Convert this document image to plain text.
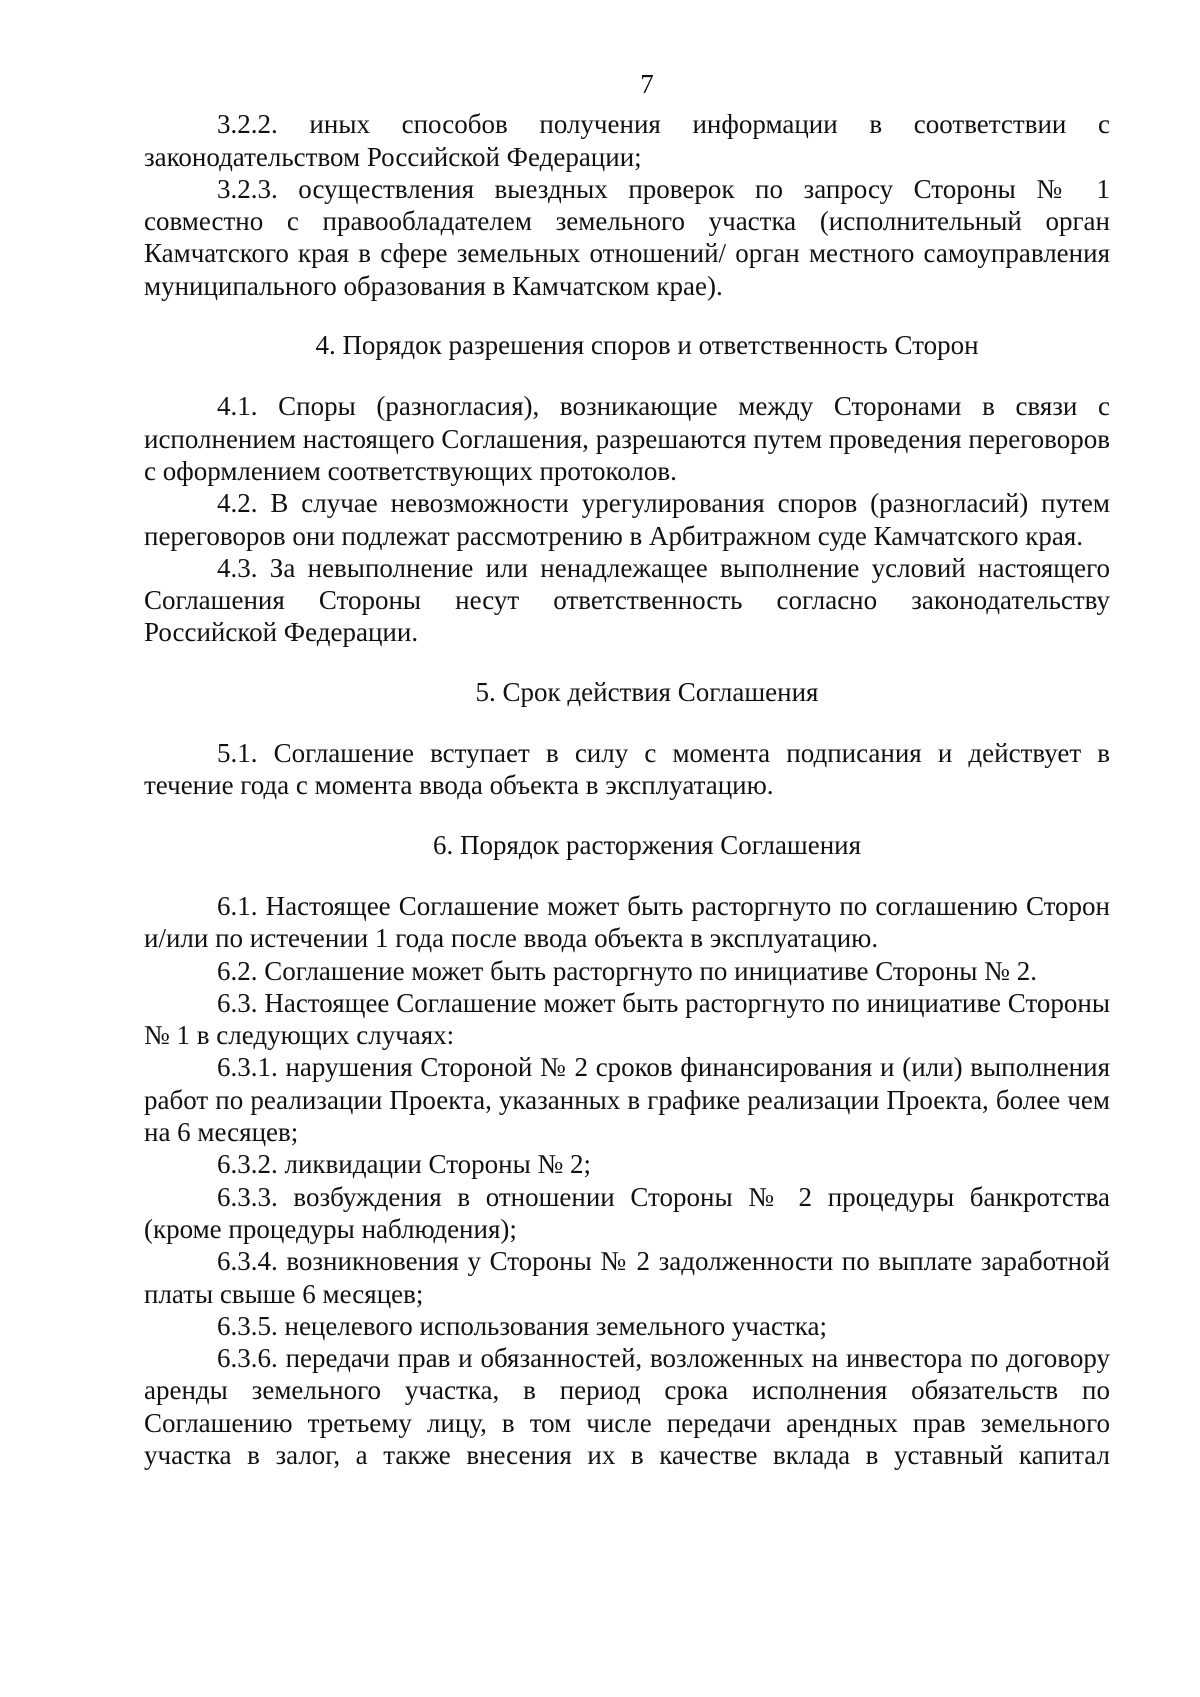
7

3.2.2. иных способов получения информации в соответствии с законодательством Российской Федерации;

3.2.3. осуществления выездных проверок по запросу Стороны № 1 совместно с правообладателем земельного участка (исполнительный орган Камчатского края в сфере земельных отношений/ орган местного самоуправления муниципального образования в Камчатском крае).

4. Порядок разрешения споров и ответственность Сторон

4.1. Споры (разногласия), возникающие между Сторонами в связи с исполнением настоящего Соглашения, разрешаются путем проведения переговоров с оформлением соответствующих протоколов.

4.2. В случае невозможности урегулирования споров (разногласий) путем переговоров они подлежат рассмотрению в Арбитражном суде Камчатского края.

4.3. За невыполнение или ненадлежащее выполнение условий настоящего Соглашения Стороны несут ответственность согласно законодательству Российской Федерации.

5. Срок действия Соглашения

5.1. Соглашение вступает в силу с момента подписания и действует в течение года с момента ввода объекта в эксплуатацию.

6. Порядок расторжения Соглашения

6.1. Настоящее Соглашение может быть расторгнуто по соглашению Сторон и/или по истечении 1 года после ввода объекта в эксплуатацию.

6.2. Соглашение может быть расторгнуто по инициативе Стороны № 2.

6.3. Настоящее Соглашение может быть расторгнуто по инициативе Стороны № 1 в следующих случаях:

6.3.1. нарушения Стороной № 2 сроков финансирования и (или) выполнения работ по реализации Проекта, указанных в графике реализации Проекта, более чем на 6 месяцев;

6.3.2. ликвидации Стороны № 2;

6.3.3. возбуждения в отношении Стороны № 2 процедуры банкротства (кроме процедуры наблюдения);

6.3.4. возникновения у Стороны № 2 задолженности по выплате заработной платы свыше 6 месяцев;

6.3.5. нецелевого использования земельного участка;

6.3.6. передачи прав и обязанностей, возложенных на инвестора по договору аренды земельного участка, в период срока исполнения обязательств по Соглашению третьему лицу, в том числе передачи арендных прав земельного участка в залог, а также внесения их в качестве вклада в уставный капитал
